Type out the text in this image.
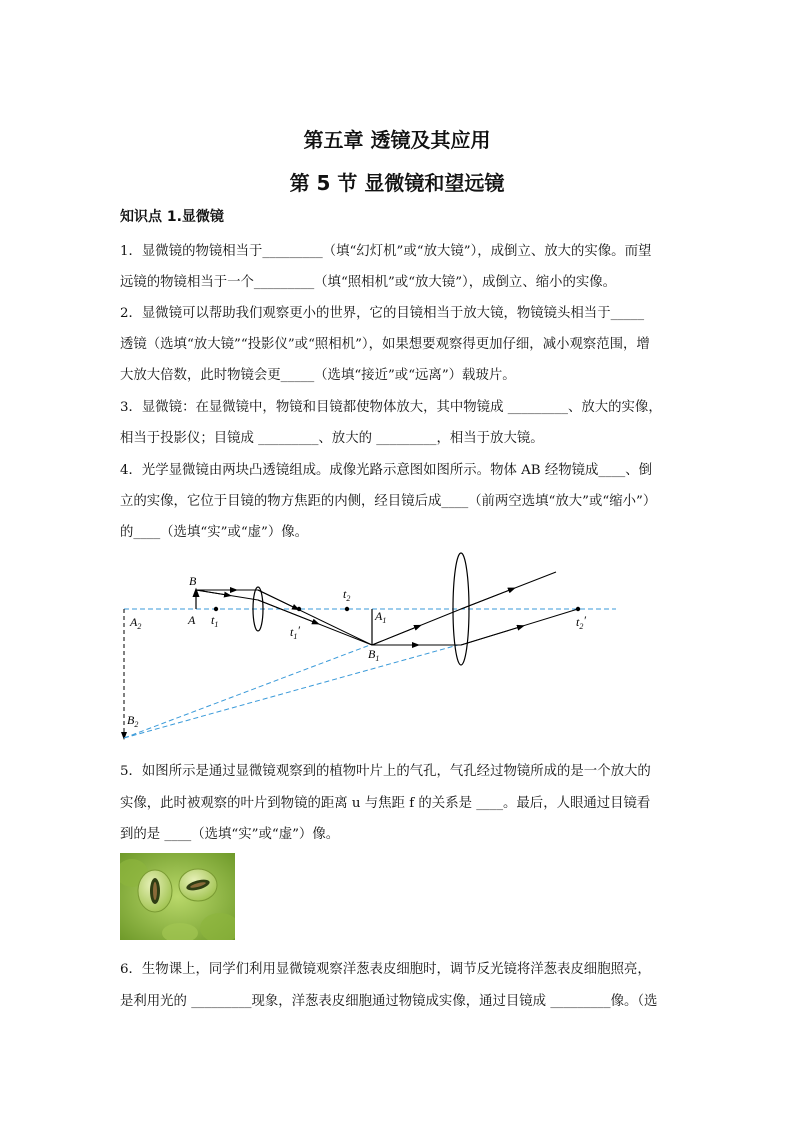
第五章 透镜及其应用
第 5 节 显微镜和望远镜
知识点 1.显微镜
1．显微镜的物镜相当于_________（填“幻灯机”或“放大镜”），成倒立、放大的实像。而望
远镜的物镜相当于一个_________（填“照相机”或“放大镜”），成倒立、缩小的实像。
2．显微镜可以帮助我们观察更小的世界，它的目镜相当于放大镜，物镜镜头相当于_____
透镜（选填“放大镜”“投影仪”或“照相机”），如果想要观察得更加仔细，减小观察范围，增
大放大倍数，此时物镜会更_____（选填“接近”或“远离”）载玻片。
3．显微镜：在显微镜中，物镜和目镜都使物体放大，其中物镜成 _________、放大的实像，
相当于投影仪；目镜成 _________、放大的 _________，相当于放大镜。
4．光学显微镜由两块凸透镜组成。成像光路示意图如图所示。物体 AB 经物镜成____、倒
立的实像，它位于目镜的物方焦距的内侧，经目镜后成____（前两空选填“放大”或“缩小”）
的____（选填“实”或“虚”）像。
B
A
$A_2$
$B_2$
$t_1$
$t_1'$
$t_2$
$t_2'$
$A_1$
$B_1$
5．如图所示是通过显微镜观察到的植物叶片上的气孔，气孔经过物镜所成的是一个放大的
实像，此时被观察的叶片到物镜的距离 u 与焦距 f 的关系是 ____。最后，人眼通过目镜看
到的是 ____（选填“实”或“虚”）像。
6．生物课上，同学们利用显微镜观察洋葱表皮细胞时，调节反光镜将洋葱表皮细胞照亮，
是利用光的 _________现象，洋葱表皮细胞通过物镜成实像，通过目镜成 _________像。（选
